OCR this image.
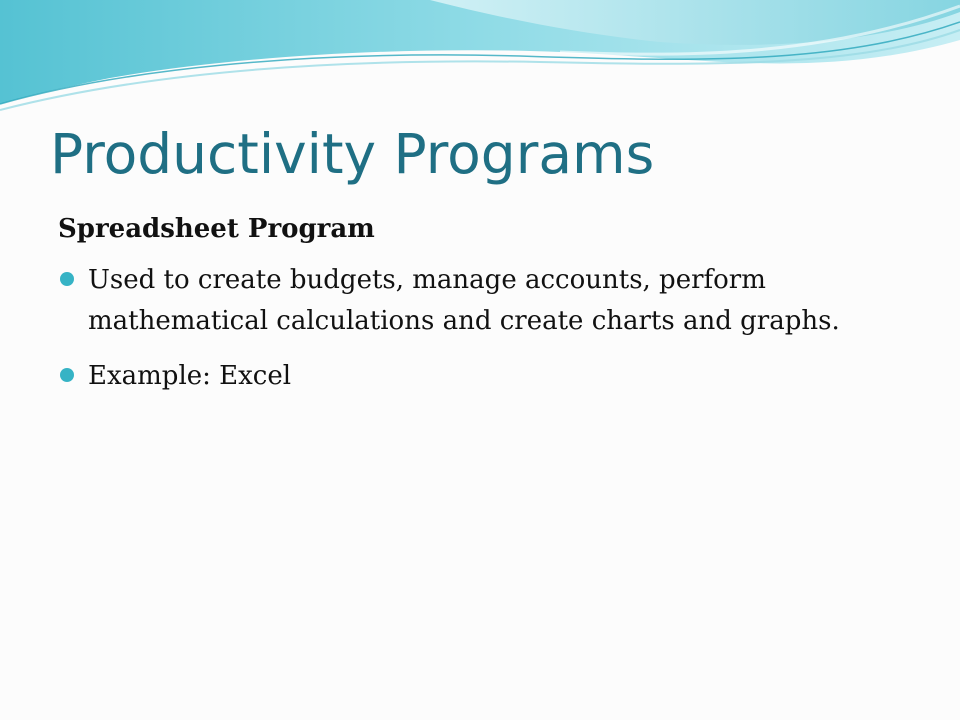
Productivity Programs
Spreadsheet Program
Used to create budgets, manage accounts, perform mathematical calculations and create charts and graphs.
Example: Excel
